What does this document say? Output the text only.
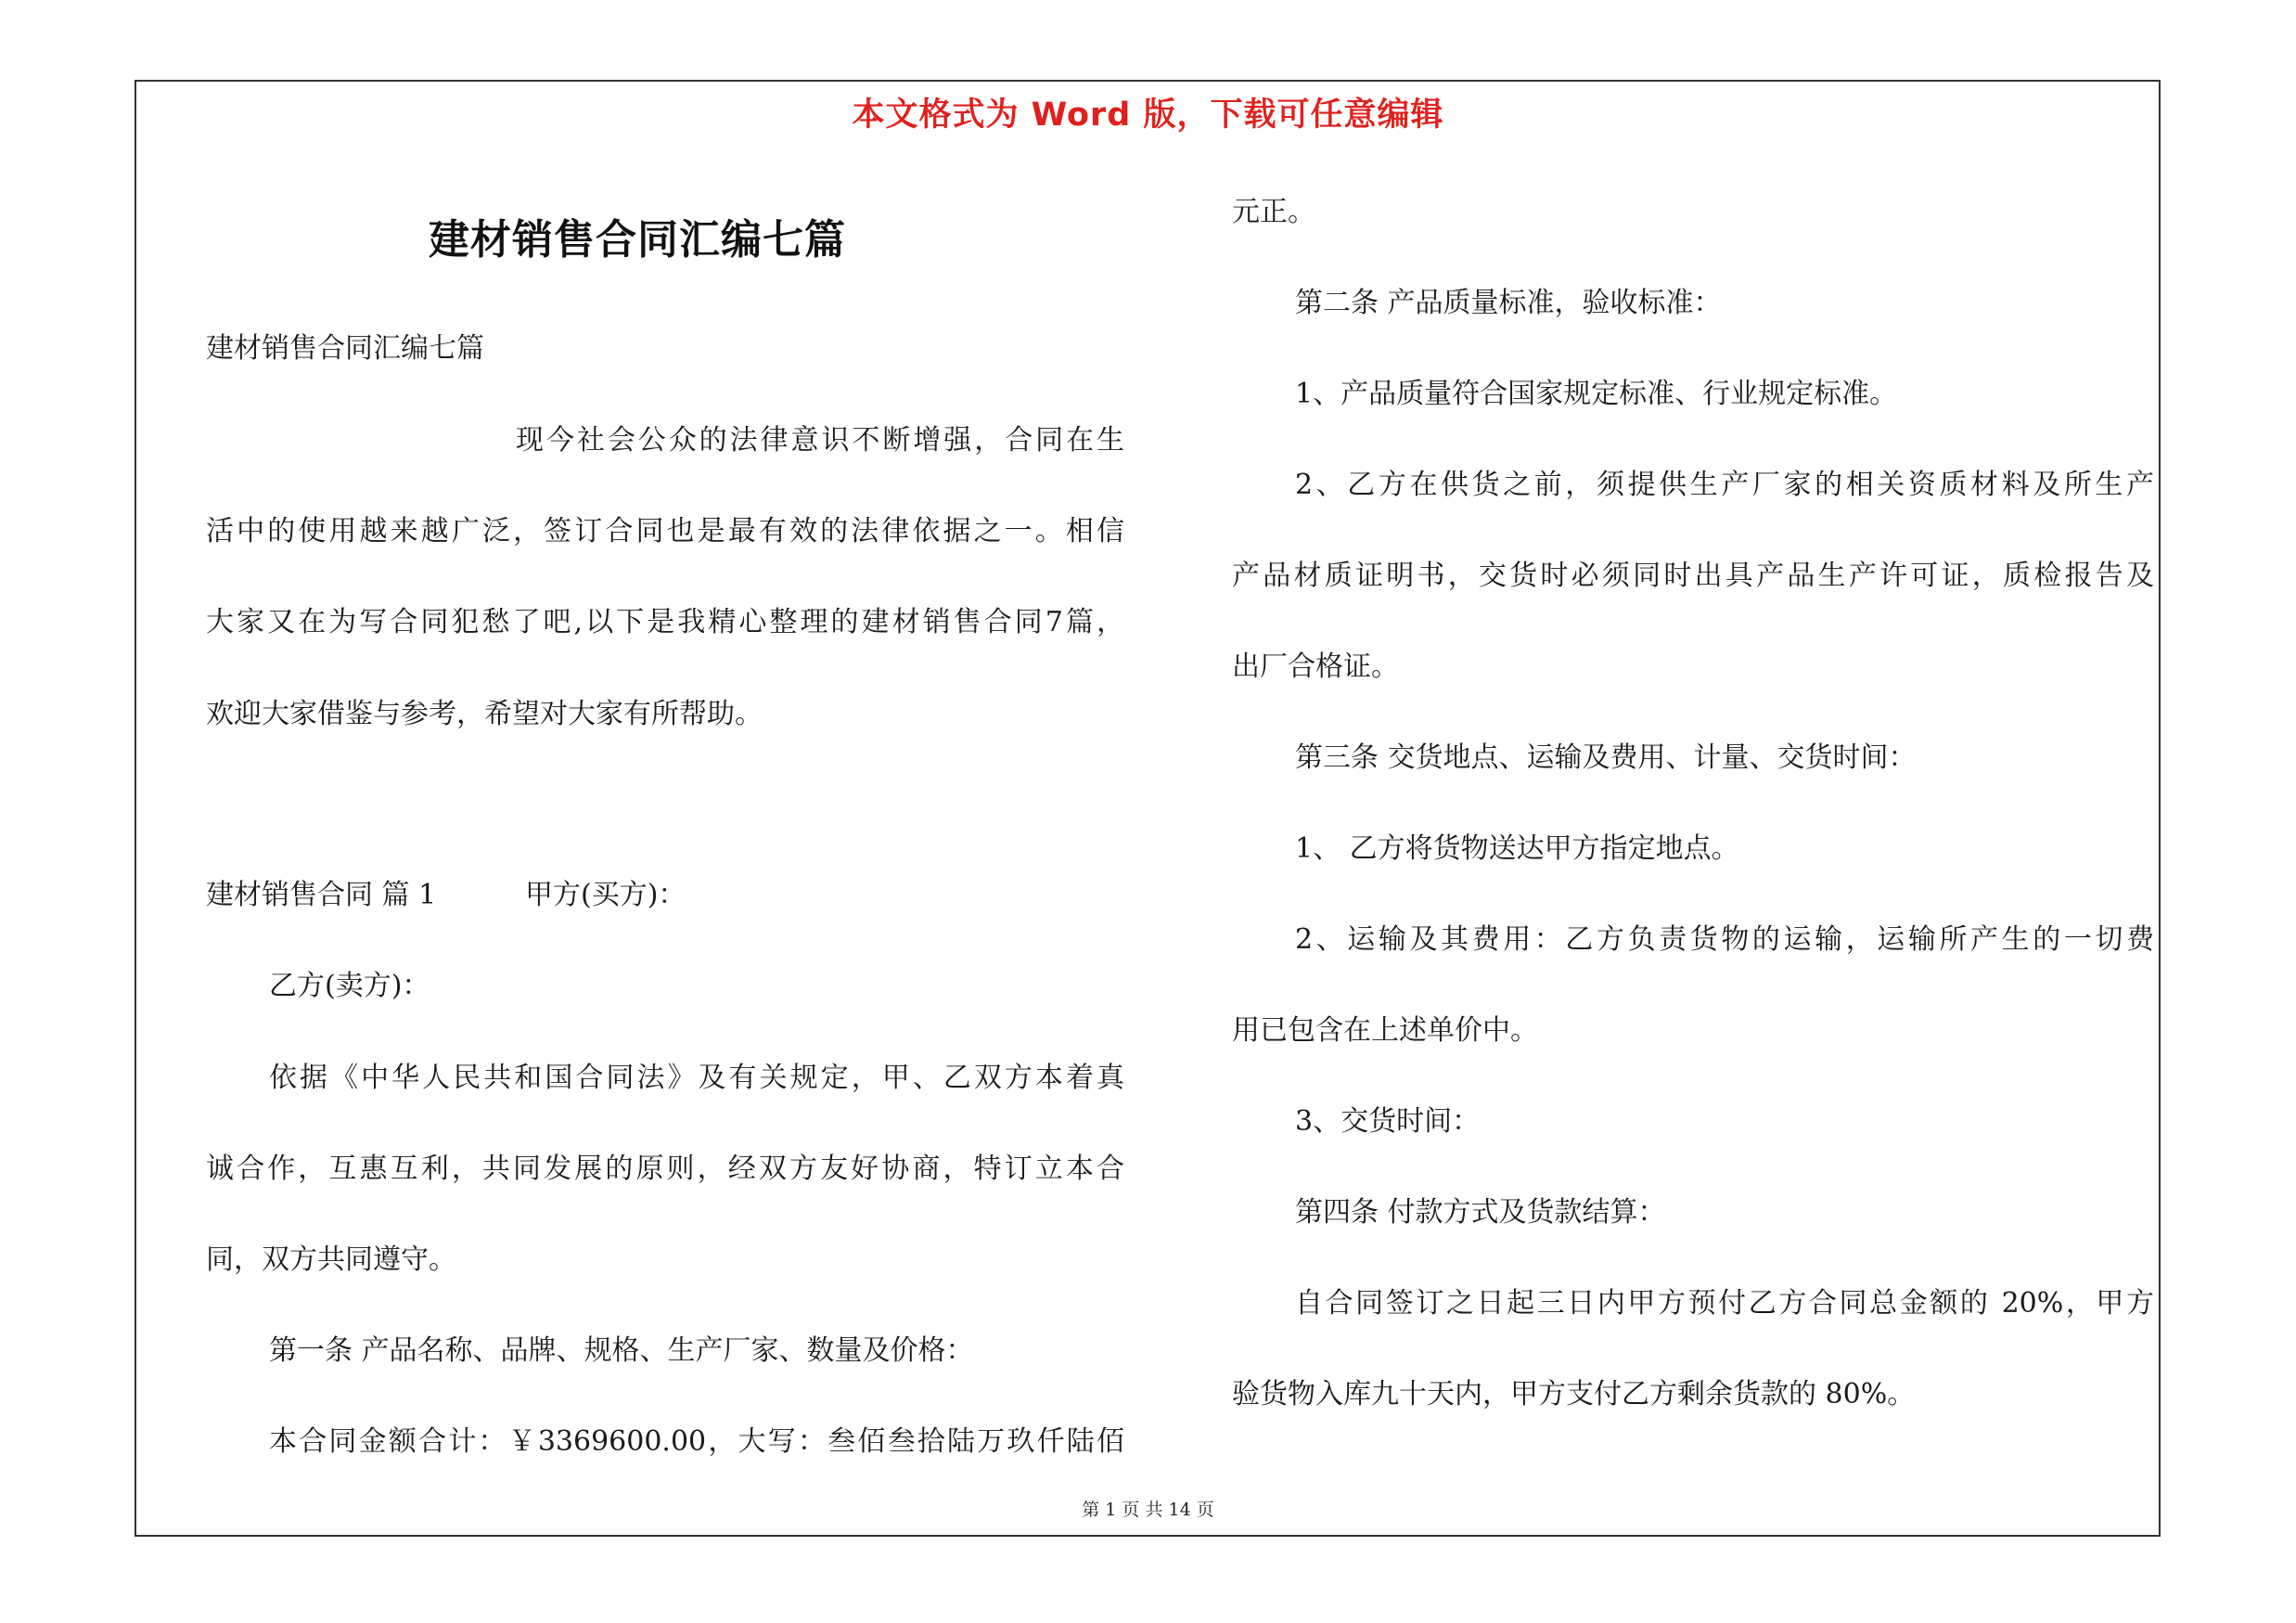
本文格式为 Word 版，下载可任意编辑
建材销售合同汇编七篇
建材销售合同汇编七篇
现今社会公众的法律意识不断增强，合同在生
活中的使用越来越广泛，签订合同也是最有效的法律依据之一。相信
大家又在为写合同犯愁了吧,以下是我精心整理的建材销售合同7篇，
欢迎大家借鉴与参考，希望对大家有所帮助。
建材销售合同 篇 1	甲方(买方)：
乙方(卖方)：
依据《中华人民共和国合同法》及有关规定，甲、乙双方本着真
诚合作，互惠互利，共同发展的原则，经双方友好协商，特订立本合
同，双方共同遵守。
第一条 产品名称、品牌、规格、生产厂家、数量及价格：
本合同金额合计：￥3369600.00，大写：叁佰叁拾陆万玖仟陆佰
元正。
第二条 产品质量标准，验收标准：
1、产品质量符合国家规定标准、行业规定标准。
2、乙方在供货之前，须提供生产厂家的相关资质材料及所生产
产品材质证明书，交货时必须同时出具产品生产许可证，质检报告及
出厂合格证。
第三条 交货地点、运输及费用、计量、交货时间：
1、 乙方将货物送达甲方指定地点。
2、运输及其费用：乙方负责货物的运输，运输所产生的一切费
用已包含在上述单价中。
3、交货时间：
第四条 付款方式及货款结算：
自合同签订之日起三日内甲方预付乙方合同总金额的 20%，甲方
验货物入库九十天内，甲方支付乙方剩余货款的 80%。
第 1 页 共 14 页
